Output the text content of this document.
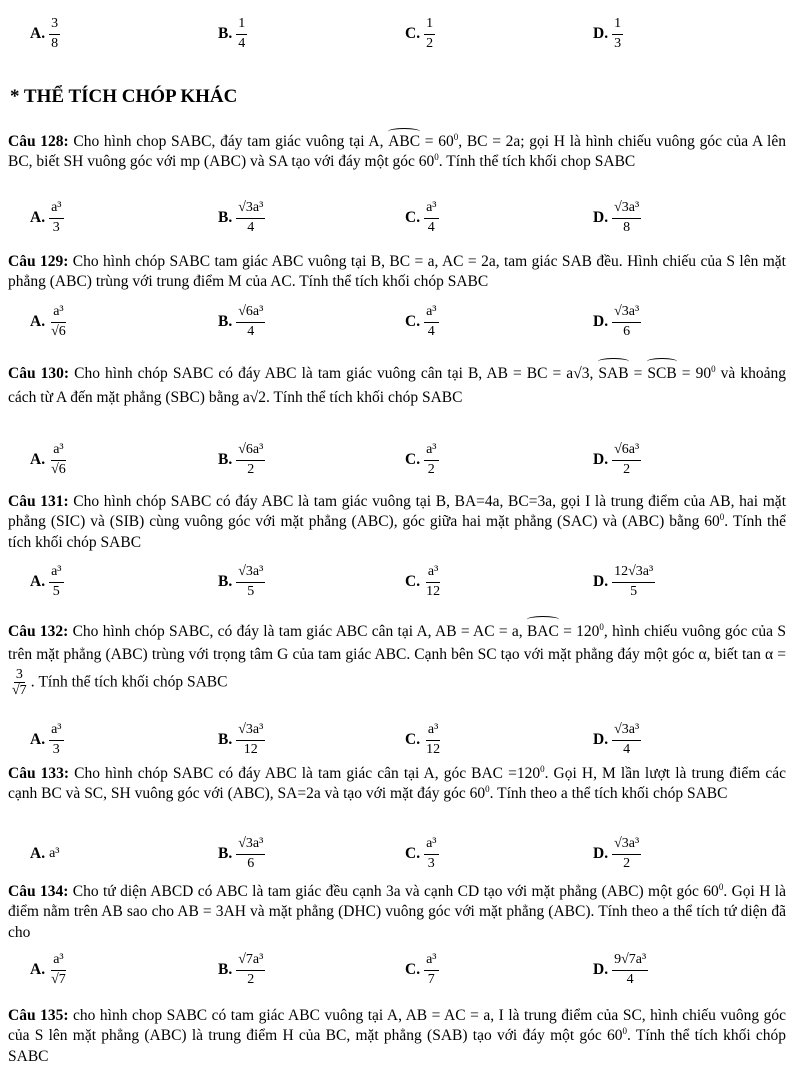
A. $\frac{3}{8}$	B. $\frac{1}{4}$	C. $\frac{1}{2}$	D. $\frac{1}{3}$
* THỂ TÍCH CHÓP KHÁC
Câu 128: Cho hình chop SABC, đáy tam giác vuông tại A, ABC = $60^0$, BC = 2a; gọi H là hình chiếu vuông góc của A lên BC, biết SH vuông góc với mp (ABC) và SA tạo với đáy một góc $60^0$. Tính thể tích khối chop SABC
A. $\frac{\text{a³}}{3}$	B. $\frac{\text{√3a³}}{4}$	C. $\frac{\text{a³}}{4}$	D. $\frac{\text{√3a³}}{8}$
Câu 129: Cho hình chóp SABC tam giác ABC vuông tại B, BC = a, AC = 2a, tam giác SAB đều. Hình chiếu của S lên mặt phẳng (ABC) trùng với trung điểm M của AC. Tính thể tích khối chóp SABC
A. $\frac{\text{a³}}{√6}$	B. $\frac{\text{√6a³}}{4}$	C. $\frac{\text{a³}}{4}$	D. $\frac{\text{√3a³}}{6}$
Câu 130: Cho hình chóp SABC có đáy ABC là tam giác vuông cân tại B, AB = BC = a√3, SAB = SCB = $90^0$ và khoảng cách từ A đến mặt phẳng (SBC) bằng a√2. Tính thể tích khối chóp SABC
A. $\frac{\text{a³}}{√6}$	B. $\frac{\text{√6a³}}{2}$	C. $\frac{\text{a³}}{2}$	D. $\frac{\text{√6a³}}{2}$
Câu 131: Cho hình chóp SABC có đáy ABC là tam giác vuông tại B, BA=4a, BC=3a, gọi I là trung điểm của AB, hai mặt phẳng (SIC) và (SIB) cùng vuông góc với mặt phẳng (ABC), góc giữa hai mặt phẳng (SAC) và (ABC) bằng $60^0$. Tính thể tích khối chóp SABC
A. $\frac{\text{a³}}{5}$	B. $\frac{\text{√3a³}}{5}$	C. $\frac{\text{a³}}{12}$	D. $\frac{\text{12√3a³}}{5}$
Câu 132: Cho hình chóp SABC, có đáy là tam giác ABC cân tại A, AB = AC = a, BAC = $120^0$, hình chiếu vuông góc của S trên mặt phẳng (ABC) trùng với trọng tâm G của tam giác ABC. Cạnh bên SC tạo với mặt phẳng đáy một góc α, biết tan α =
$\frac{3}{√7}$ . Tính thể tích khối chóp SABC
A. $\frac{\text{a³}}{3}$	B. $\frac{\text{√3a³}}{12}$	C. $\frac{\text{a³}}{12}$	D. $\frac{\text{√3a³}}{4}$
Câu 133: Cho hình chóp SABC có đáy ABC là tam giác cân tại A, góc BAC $=120^0$. Gọi H, M lần lượt là trung điểm các cạnh BC và SC, SH vuông góc với (ABC), SA=2a và tạo với mặt đáy góc $60^0$. Tính theo a thể tích khối chóp SABC
A. a³	B. $\frac{\text{√3a³}}{6}$	C. $\frac{\text{a³}}{3}$	D. $\frac{\text{√3a³}}{2}$
Câu 134: Cho tứ diện ABCD có ABC là tam giác đều cạnh 3a và cạnh CD tạo với mặt phẳng (ABC) một góc $60^0$. Gọi H là điểm nằm trên AB sao cho AB = 3AH và mặt phẳng (DHC) vuông góc với mặt phẳng (ABC). Tính theo a thể tích tứ diện đã cho
A. $\frac{\text{a³}}{√7}$	B. $\frac{\text{√7a³}}{2}$	C. $\frac{\text{a³}}{7}$	D. $\frac{\text{9√7a³}}{4}$
Câu 135: cho hình chop SABC có tam giác ABC vuông tại A, AB = AC = a, I là trung điểm của SC, hình chiếu vuông góc của S lên mặt phẳng (ABC) là trung điểm H của BC, mặt phẳng (SAB) tạo với đáy một góc $60^0$. Tính thể tích khối chóp SABC
